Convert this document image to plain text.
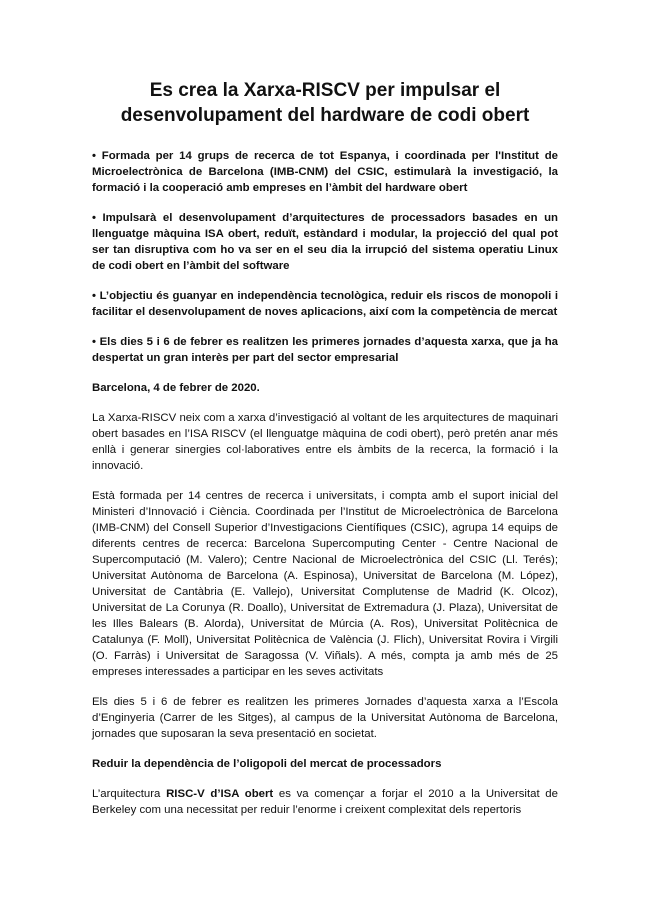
Es crea la Xarxa-RISCV per impulsar el
desenvolupament del hardware de codi obert

• Formada per 14 grups de recerca de tot Espanya, i coordinada per l'Institut de Microelectrònica de Barcelona (IMB-CNM) del CSIC, estimularà la investigació, la formació i la cooperació amb empreses en l’àmbit del hardware obert

• Impulsarà el desenvolupament d’arquitectures de processadors basades en un llenguatge màquina ISA obert, reduït, estàndard i modular, la projecció del qual pot ser tan disruptiva com ho va ser en el seu dia la irrupció del sistema operatiu Linux de codi obert en l’àmbit del software

• L’objectiu és guanyar en independència tecnològica, reduir els riscos de monopoli i facilitar el desenvolupament de noves aplicacions, així com la competència de mercat

• Els dies 5 i 6 de febrer es realitzen les primeres jornades d’aquesta xarxa, que ja ha despertat un gran interès per part del sector empresarial

Barcelona, 4 de febrer de 2020.

La Xarxa-RISCV neix com a xarxa d’investigació al voltant de les arquitectures de maquinari obert basades en l’ISA RISCV (el llenguatge màquina de codi obert), però pretén anar més enllà i generar sinergies col·laboratives entre els àmbits de la recerca, la formació i la innovació.

Està formada per 14 centres de recerca i universitats, i compta amb el suport inicial del Ministeri d’Innovació i Ciència. Coordinada per l’Institut de Microelectrònica de Barcelona (IMB-CNM) del Consell Superior d’Investigacions Científiques (CSIC), agrupa 14 equips de diferents centres de recerca: Barcelona Supercomputing Center - Centre Nacional de Supercomputació (M. Valero); Centre Nacional de Microelectrònica del CSIC (Ll. Terés); Universitat Autònoma de Barcelona (A. Espinosa), Universitat de Barcelona (M. López), Universitat de Cantàbria (E. Vallejo), Universitat Complutense de Madrid (K. Olcoz), Universitat de La Corunya (R. Doallo), Universitat de Extremadura (J. Plaza), Universitat de les Illes Balears (B. Alorda), Universitat de Múrcia (A. Ros), Universitat Politècnica de Catalunya (F. Moll), Universitat Politècnica de València (J. Flich), Universitat Rovira i Virgili (O. Farràs) i Universitat de Saragossa (V. Viñals). A més, compta ja amb més de 25 empreses interessades a participar en les seves activitats

Els dies 5 i 6 de febrer es realitzen les primeres Jornades d’aquesta xarxa a l’Escola d’Enginyeria (Carrer de les Sitges), al campus de la Universitat Autònoma de Barcelona, jornades que suposaran la seva presentació en societat.

Reduir la dependència de l’oligopoli del mercat de processadors

L’arquitectura RISC-V d’ISA obert es va començar a forjar el 2010 a la Universitat de Berkeley com una necessitat per reduir l’enorme i creixent complexitat dels repertoris
